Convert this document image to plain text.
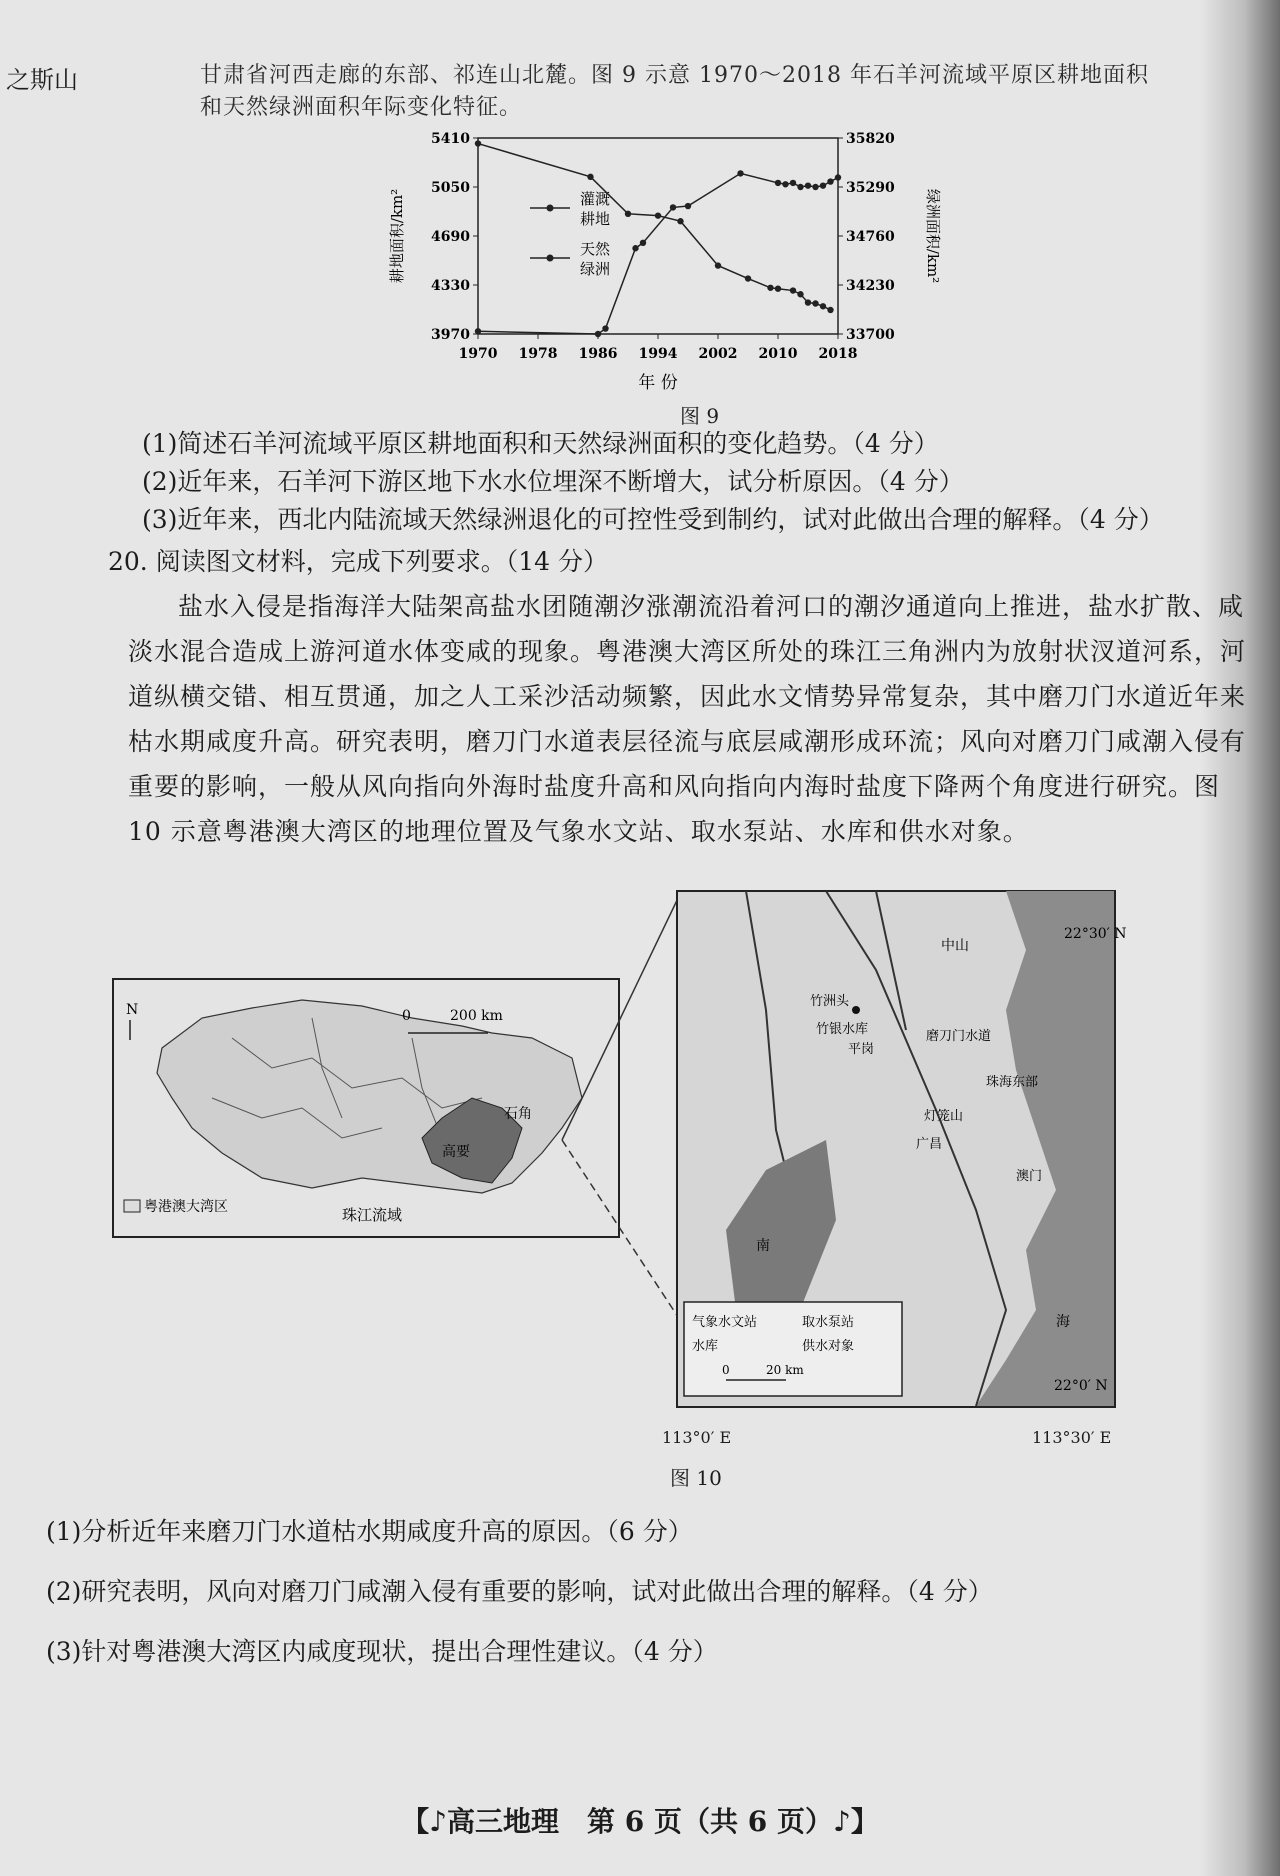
之斯山	甘肃省河西走廊的东部、祁连山北麓。图 9 示意 1970～2018 年石羊河流域平原区耕地面积
和天然绿洲面积年际变化特征。
耕地面积/km²	绿洲面积/km²
年 份
灌溉
耕地
天然
绿洲
1970 1978 1986 1994 2002 2010 2018
5410
5050
4690
4330
3970
35820
35290
34760
34230
33700
图 9
(1)简述石羊河流域平原区耕地面积和天然绿洲面积的变化趋势。（4 分）
(2)近年来，石羊河下游区地下水水位埋深不断增大，试分析原因。（4 分）
(3)近年来，西北内陆流域天然绿洲退化的可控性受到制约，试对此做出合理的解释。（4 分）
20. 阅读图文材料，完成下列要求。（14 分）
盐水入侵是指海洋大陆架高盐水团随潮汐涨潮流沿着河口的潮汐通道向上推进，盐水扩散、咸淡水混合造成上游河道水体变咸的现象。粤港澳大湾区所处的珠江三角洲内为放射状汊道河系，河道纵横交错、相互贯通，加之人工采沙活动频繁，因此水文情势异常复杂，其中磨刀门水道近年来枯水期咸度升高。研究表明，磨刀门水道表层径流与底层咸潮形成环流；风向对磨刀门咸潮入侵有重要的影响，一般从风向指向外海时盐度升高和风向指向内海时盐度下降两个角度进行研究。图 10 示意粤港澳大湾区的地理位置及气象水文站、取水泵站、水库和供水对象。
N	0	200 km
石角
高要
珠江流域
粤港澳大湾区
22°30′ N
22°0′ N
中山
竹洲头
竹银水库
平岗
磨刀门水道
灯笼山
广昌
珠海东部
澳门
海
南
气象水文站	取水泵站
水库	供水对象
0	20 km
113°0′ E	113°30′ E
图 10
(1)分析近年来磨刀门水道枯水期咸度升高的原因。（6 分）
(2)研究表明，风向对磨刀门咸潮入侵有重要的影响，试对此做出合理的解释。（4 分）
(3)针对粤港澳大湾区内咸度现状，提出合理性建议。（4 分）
【♪高三地理　第 6 页（共 6 页）♪】
